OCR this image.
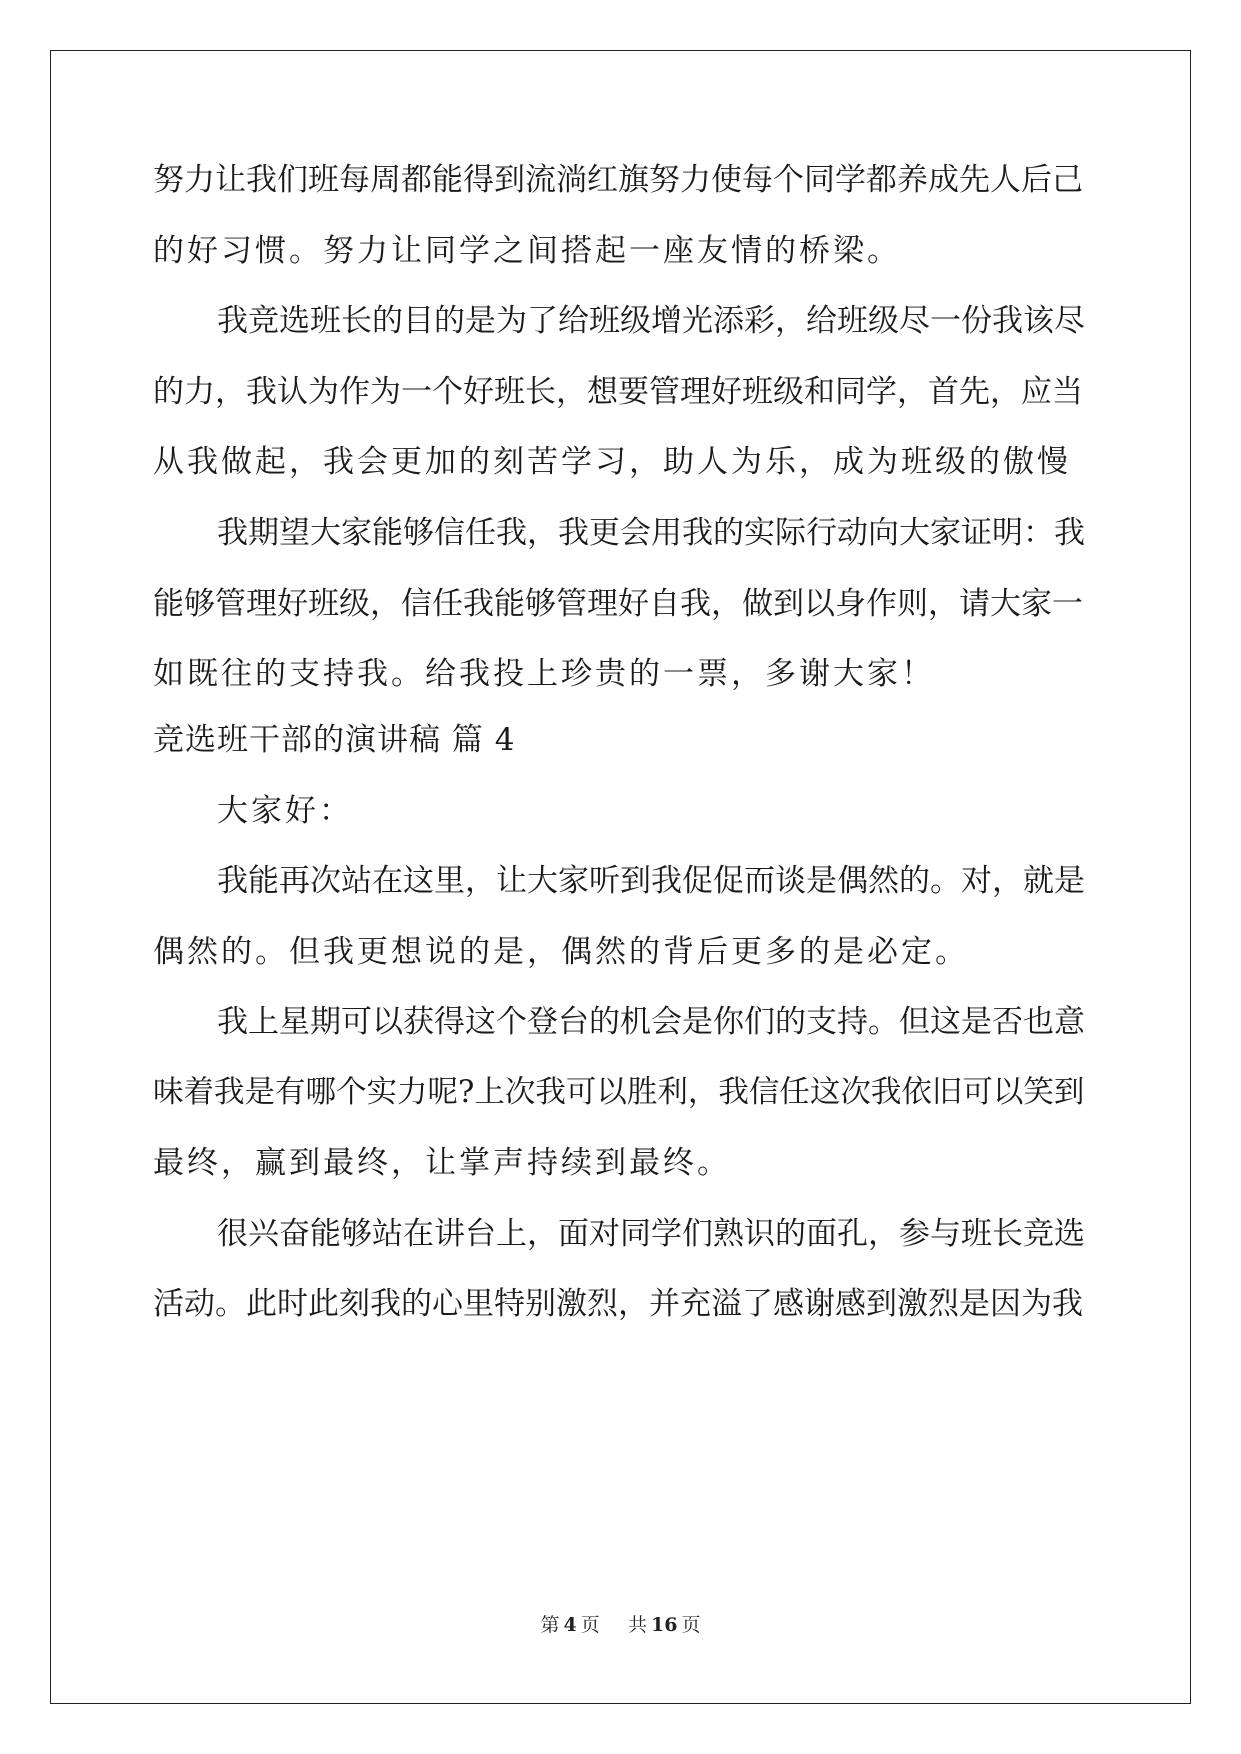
努力让我们班每周都能得到流淌红旗努力使每个同学都养成先人后己
的好习惯。努力让同学之间搭起一座友情的桥梁。
我竞选班长的目的是为了给班级增光添彩，给班级尽一份我该尽
的力，我认为作为一个好班长，想要管理好班级和同学，首先，应当
从我做起，我会更加的刻苦学习，助人为乐，成为班级的傲慢
我期望大家能够信任我，我更会用我的实际行动向大家证明：我
能够管理好班级，信任我能够管理好自我，做到以身作则，请大家一
如既往的支持我。给我投上珍贵的一票，多谢大家！
竞选班干部的演讲稿 篇 4
大家好：
我能再次站在这里，让大家听到我促促而谈是偶然的。对，就是
偶然的。但我更想说的是，偶然的背后更多的是必定。
我上星期可以获得这个登台的机会是你们的支持。但这是否也意
味着我是有哪个实力呢?上次我可以胜利，我信任这次我依旧可以笑到
最终，赢到最终，让掌声持续到最终。
很兴奋能够站在讲台上，面对同学们熟识的面孔，参与班长竞选
活动。此时此刻我的心里特别激烈，并充溢了感谢感到激烈是因为我
第 4 页 共 16 页
